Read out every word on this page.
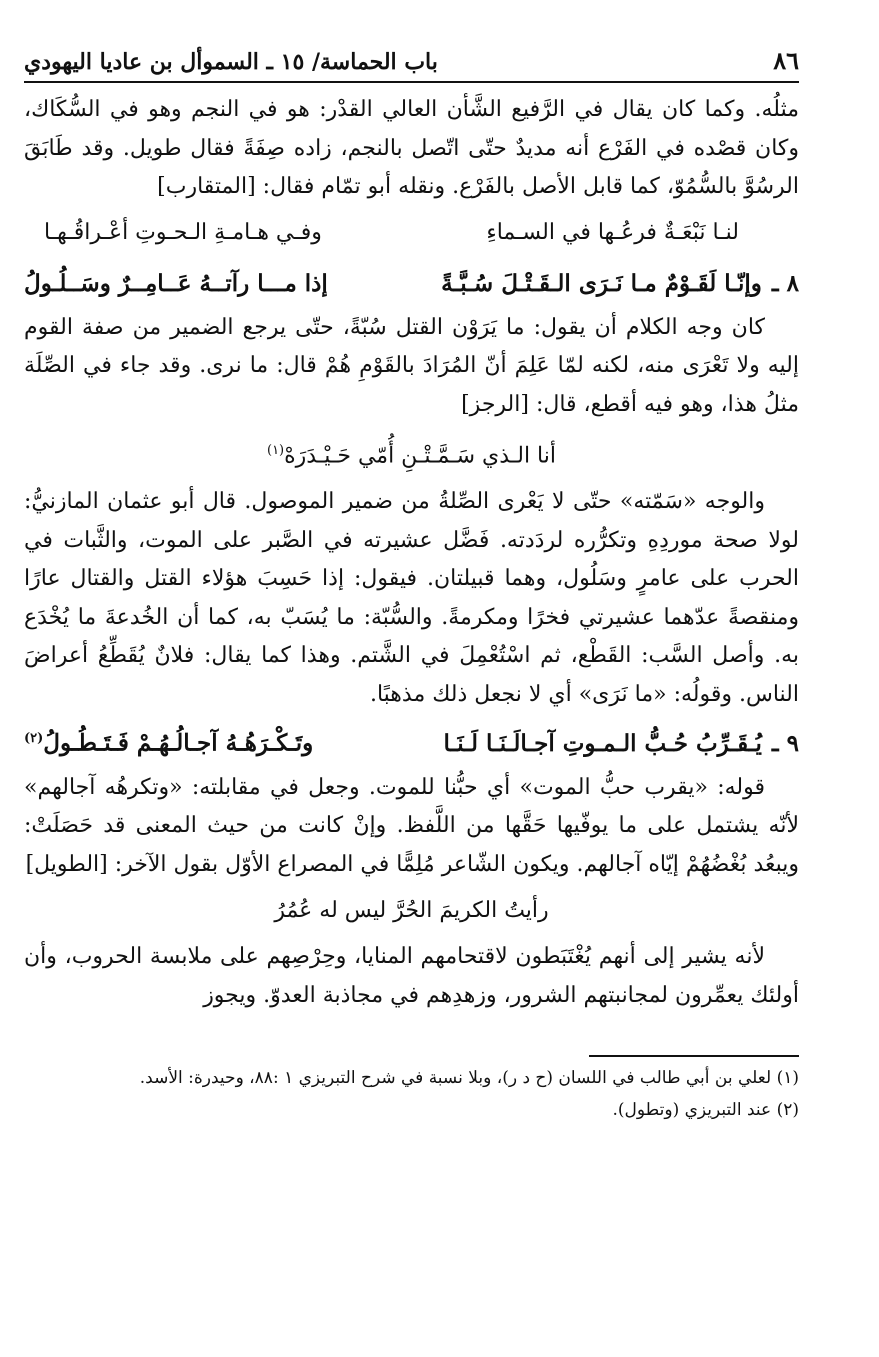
٨٦
باب الحماسة/ ١٥ ـ السموأل بن عاديا اليهودي

مثلُه. وكما كان يقال في الرَّفيع الشَّأن العالي القدْر: هو في النجم وهو في السُّكَاك، وكان قصْده في الفَرْع أنه مديدٌ حتّى اتّصل بالنجم، زاده صِفَةً فقال طويل. وقد طَابَقَ الرسُوَّ بالسُّمُوّ، كما قابل الأصل بالفَرْع. ونقله أبو تمّام فقال: [المتقارب]

لنـا نَبْعَـةٌ فرعُـها في السـماءِ
وفـي هـامـةِ الـحـوتِ أعْـراقُـهـا
٨ ـ
وإنّـا لَقَـوْمٌ مـا نَـرَى الـقَـتْـلَ سُـبَّـةً
إذا مـــا رآتــهُ عَــامِــرٌ وسَــلُـولُ

كان وجه الكلام أن يقول: ما يَرَوْن القتل سُبّةً، حتّى يرجع الضمير من صفة القوم إليه ولا تَعْرَى منه، لكنه لمّا عَلِمَ أنّ المُرَادَ بالقَوْمِ هُمْ قال: ما نرى. وقد جاء في الصِّلَة مثلُ هذا، وهو فيه أقطع، قال: [الرجز]

أنا الـذي سَـمَّـتْـنِ أُمّي حَـيْـدَرَهْ$^{(١)}$

والوجه «سَمّته» حتّى لا يَعْرى الصِّلةُ من ضمير الموصول. قال أبو عثمان المازنيُّ: لولا صحة موردِهِ وتكرُّره لردَدته. فَضَّل عشيرته في الصَّبر على الموت، والثَّبات في الحرب على عامرٍ وسَلُول، وهما قبيلتان. فيقول: إذا حَسِبَ هؤلاء القتل والقتال عارًا ومنقصةً عدّهما عشيرتي فخرًا ومكرمةً. والسُّبّة: ما يُسَبّ به، كما أن الخُدعةَ ما يُخْدَع به. وأصل السَّب: القَطْع، ثم اسْتُعْمِلَ في الشَّتم. وهذا كما يقال: فلانٌ يُقَطِّعُ أعراضَ الناس. وقولُه: «ما نَرَى» أي لا نجعل ذلك مذهبًا.

٩ ـ
يُـقَـرِّبُ حُـبُّ الـمـوتِ آجـالَـنَـا لَـنَـا
وتَـكْـرَهُـهُ آجـالُـهُـمْ فَـتَـطُـولُ$^{(٢)}$

قوله: «يقرب حبُّ الموت» أي حبُّنا للموت. وجعل في مقابلته: «وتكرهُه آجالهم» لأنّه يشتمل على ما يوفّيها حَقَّها من اللَّفظ. وإنْ كانت من حيث المعنى قد حَصَلَتْ: ويبعُد بُغْضُهُمْ إيّاه آجالهم. ويكون الشّاعر مُلِمًّا في المصراع الأوّل بقول الآخر: [الطويل]

رأيتُ الكريمَ الحُرَّ ليس له عُمُرُ

لأنه يشير إلى أنهم يُغْتَبَطون لاقتحامهم المنايا، وحِرْصِهم على ملابسة الحروب، وأن أولئك يعمِّرون لمجانبتهم الشرور، وزهدِهم في مجاذبة العدوّ. ويجوز

(١) لعلي بن أبي طالب في اللسان (ح د ر)، وبلا نسبة في شرح التبريزي ١ :٨٨، وحيدرة: الأسد.

(٢) عند التبريزي (وتطول).
